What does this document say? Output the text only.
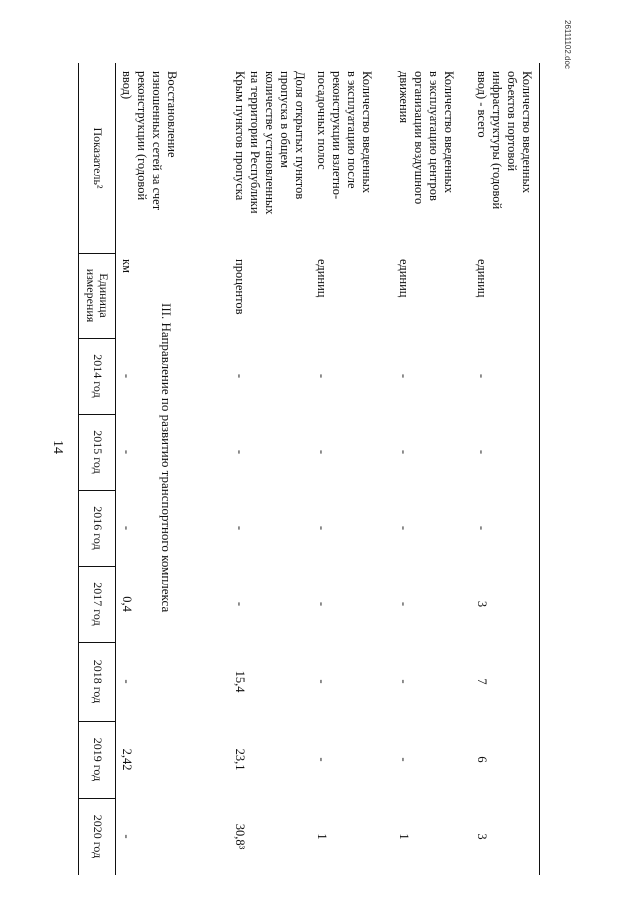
14
26111102.doc
Показатель²
Единица измерения
2014 год
2015 год
2016 год
2017 год
2018 год
2019 год
2020 год
III. Направление по развитию транспортного комплекса
Восстановление
изношенных сетей за счет
реконструкции (годовой
ввод)
км
-
-
-
0,4
-
2,42
-
Доля открытых пунктов
пропуска в общем
количестве установленных
на территории Республики
Крым пунктов пропуска
процентов
-
-
-
-
15,4
23,1
30,8³
Количество введенных
в эксплуатацию после
реконструкции взлетно-
посадочных полос
единиц
-
-
-
-
-
-
1
Количество введенных
в эксплуатацию центров
организации воздушного
движения
единиц
-
-
-
-
-
-
1
Количество введенных
объектов портовой
инфраструктуры (годовой
ввод) - всего
единиц
-
-
-
3
7
6
3
